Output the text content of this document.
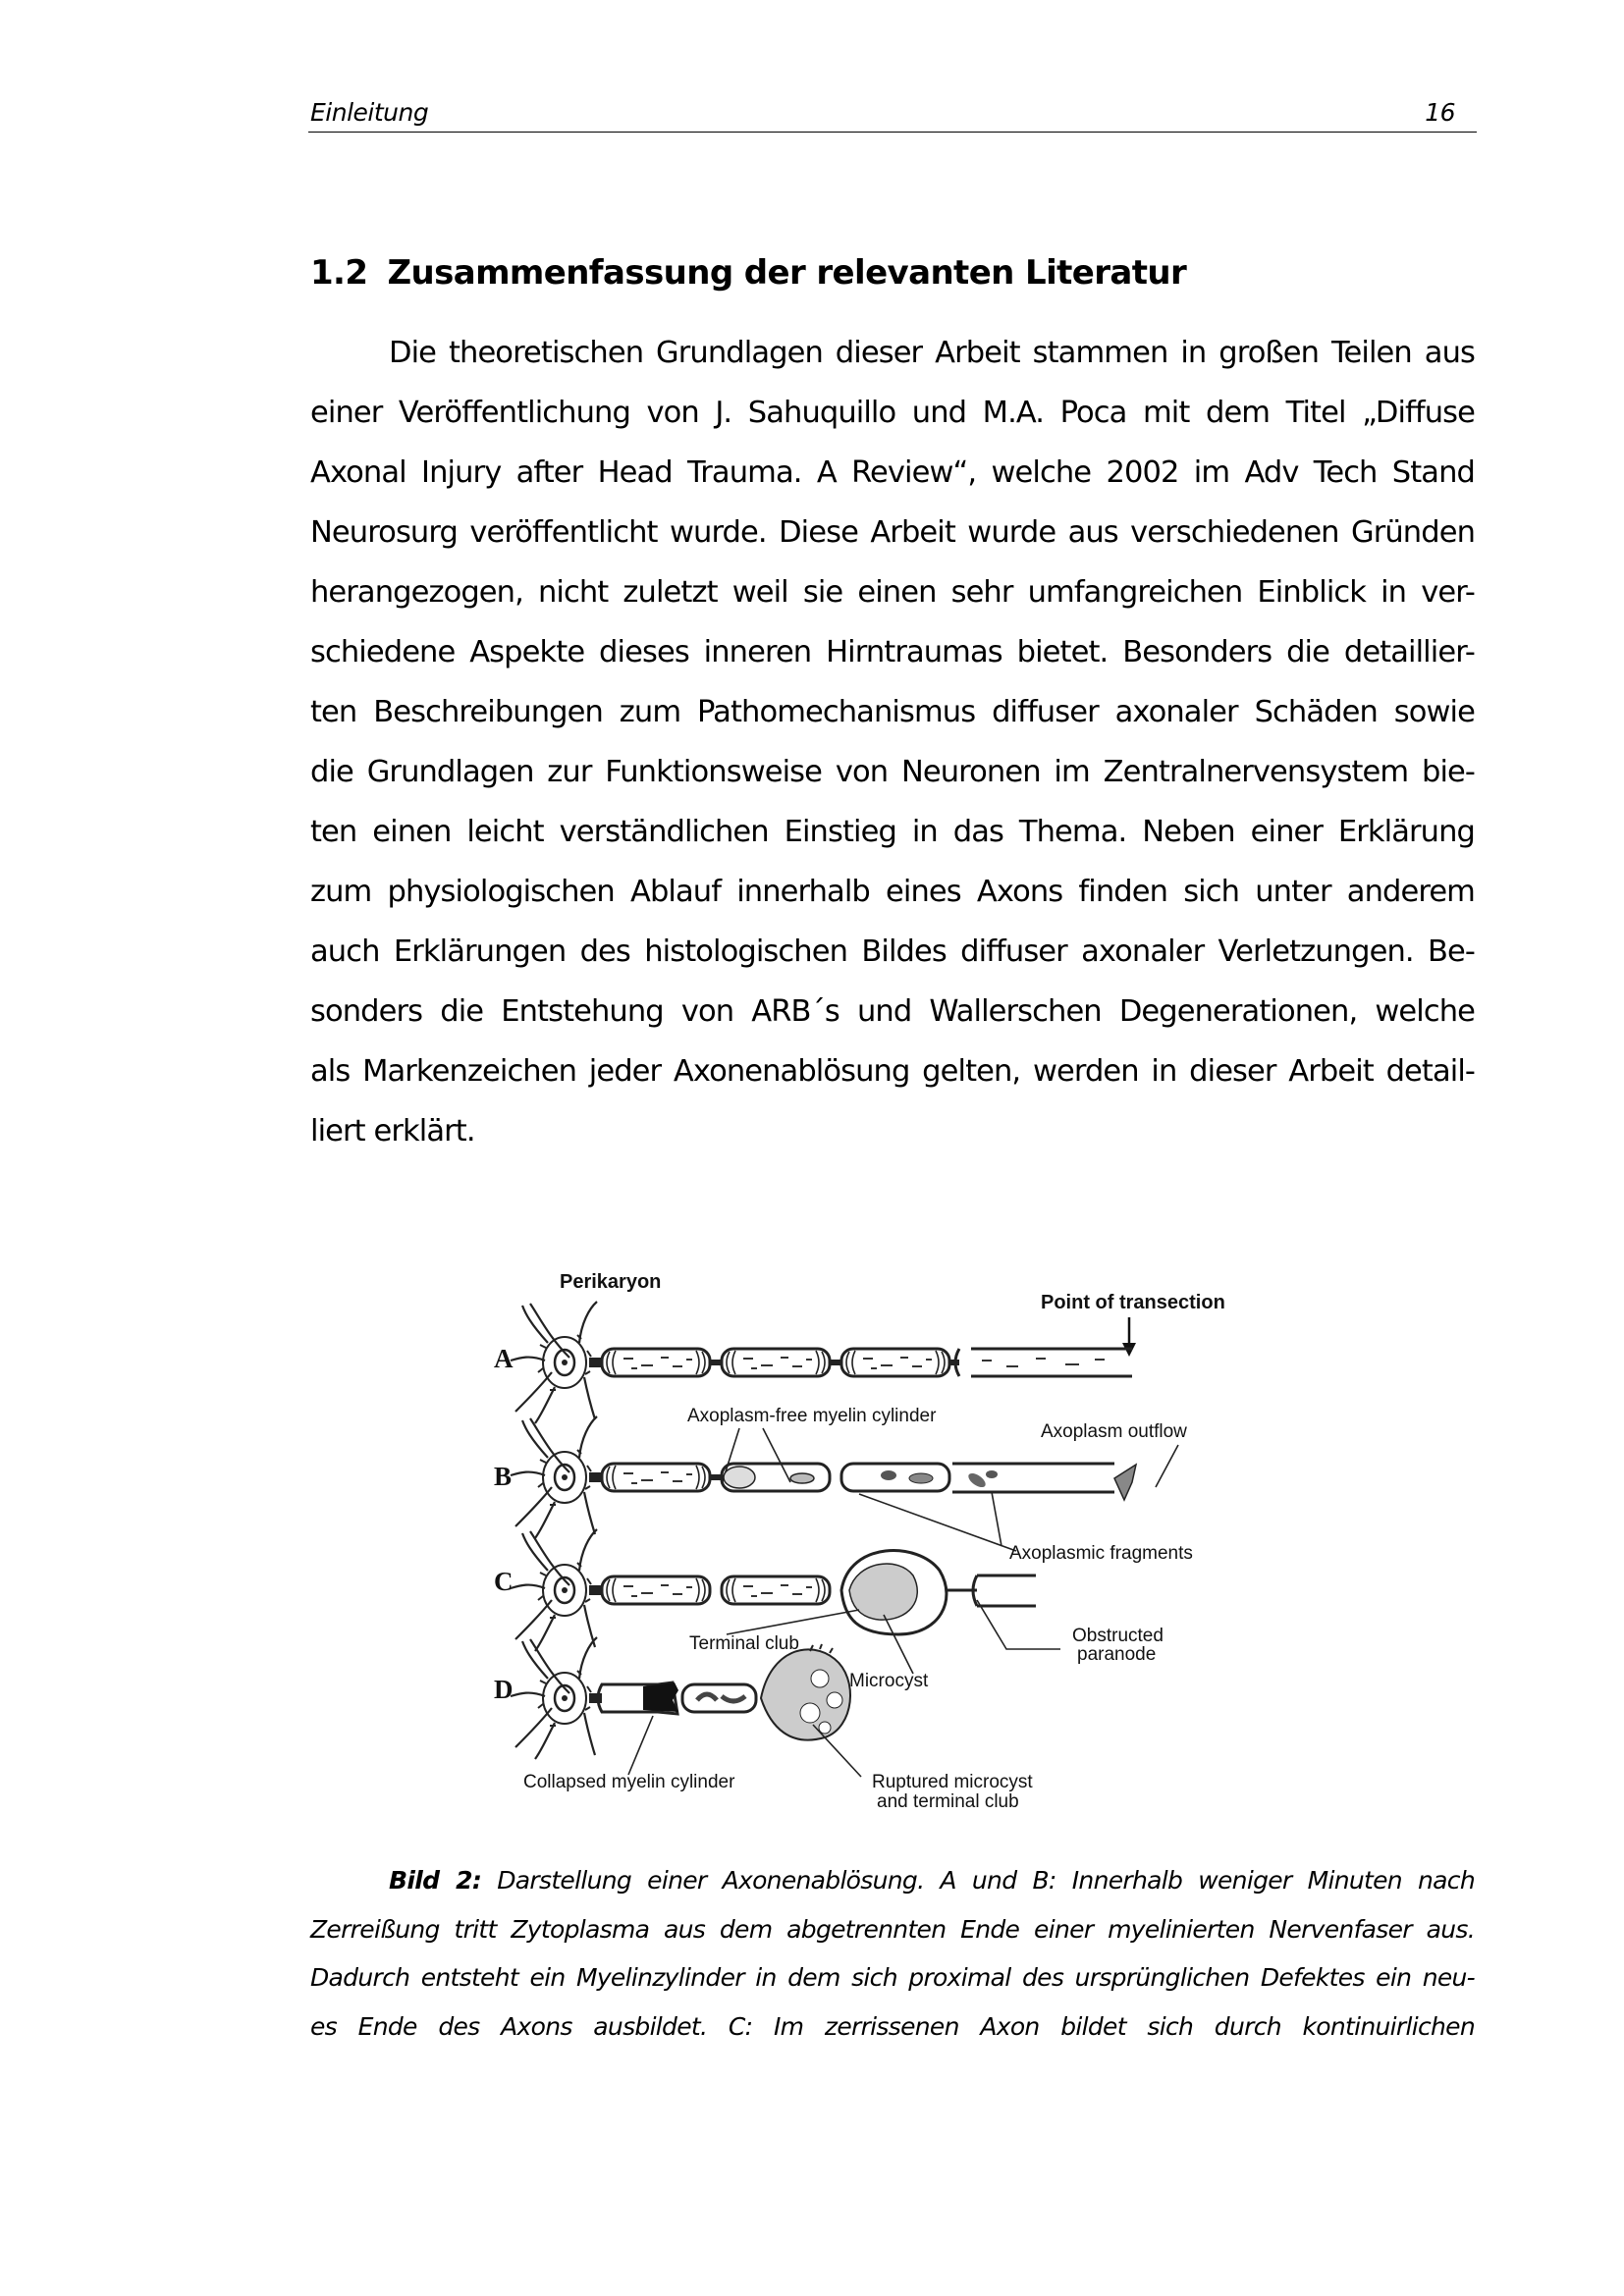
Einleitung	16
1.2 Zusammenfassung der relevanten Literatur
Die theoretischen Grundlagen dieser Arbeit stammen in großen Teilen aus
einer Veröffentlichung von J. Sahuquillo und M.A. Poca mit dem Titel „Diffuse
Axonal Injury after Head Trauma. A Review“, welche 2002 im Adv Tech Stand
Neurosurg veröffentlicht wurde. Diese Arbeit wurde aus verschiedenen Gründen
herangezogen, nicht zuletzt weil sie einen sehr umfangreichen Einblick in ver-
schiedene Aspekte dieses inneren Hirntraumas bietet. Besonders die detaillier-
ten Beschreibungen zum Pathomechanismus diffuser axonaler Schäden sowie
die Grundlagen zur Funktionsweise von Neuronen im Zentralnervensystem bie-
ten einen leicht verständlichen Einstieg in das Thema. Neben einer Erklärung
zum physiologischen Ablauf innerhalb eines Axons finden sich unter anderem
auch Erklärungen des histologischen Bildes diffuser axonaler Verletzungen. Be-
sonders die Entstehung von ARB´s und Wallerschen Degenerationen, welche
als Markenzeichen jeder Axonenablösung gelten, werden in dieser Arbeit detail-
liert erklärt.
Perikaryon
Point of transection
A
B
C
D
Axoplasm-free myelin cylinder
Axoplasm outflow
Axoplasmic fragments
Terminal club	Obstructed
paranode
Microcyst
Collapsed myelin cylinder	Ruptured microcyst
and terminal club
Bild 2: Darstellung einer Axonenablösung. A und B: Innerhalb weniger Minuten nach
Zerreißung tritt Zytoplasma aus dem abgetrennten Ende einer myelinierten Nervenfaser aus.
Dadurch entsteht ein Myelinzylinder in dem sich proximal des ursprünglichen Defektes ein neu-
es Ende des Axons ausbildet. C: Im zerrissenen Axon bildet sich durch kontinuirlichen
